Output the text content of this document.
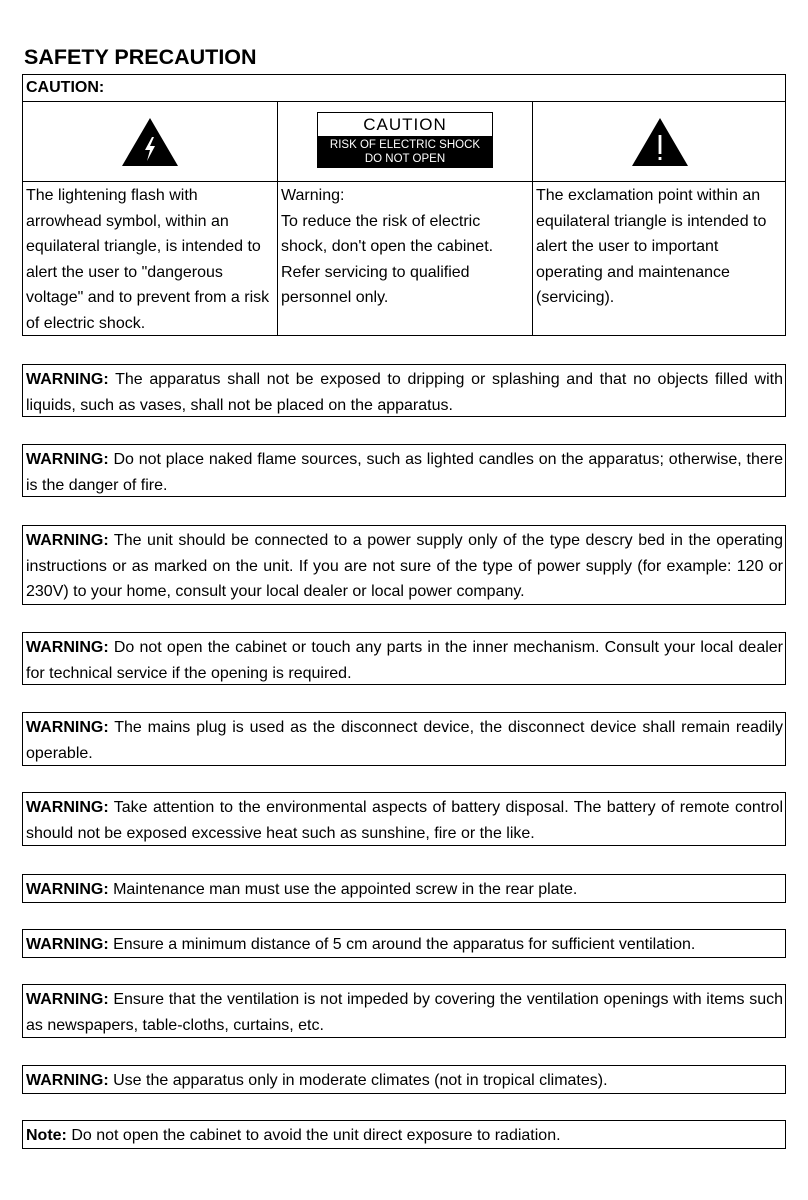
SAFETY PRECAUTION
CAUTION:
CAUTION
RISK OF ELECTRIC SHOCK
DO NOT OPEN
The lightening flash with arrowhead symbol, within an equilateral triangle, is intended to alert the user to "dangerous voltage" and to prevent from a risk of electric shock.
Warning:
To reduce the risk of electric shock, don't open the cabinet. Refer servicing to qualified personnel only.
The exclamation point within an equilateral triangle is intended to alert the user to important operating and maintenance (servicing).
WARNING: The apparatus shall not be exposed to dripping or splashing and that no objects filled with liquids, such as vases, shall not be placed on the apparatus.
WARNING: Do not place naked flame sources, such as lighted candles on the apparatus; otherwise, there is the danger of fire.
WARNING: The unit should be connected to a power supply only of the type descry bed in the operating instructions or as marked on the unit. If you are not sure of the type of power supply (for example: 120 or 230V) to your home, consult your local dealer or local power company.
WARNING: Do not open the cabinet or touch any parts in the inner mechanism. Consult your local dealer for technical service if the opening is required.
WARNING: The mains plug is used as the disconnect device, the disconnect device shall remain readily operable.
WARNING: Take attention to the environmental aspects of battery disposal. The battery of remote control should not be exposed excessive heat such as sunshine, fire or the like.
WARNING: Maintenance man must use the appointed screw in the rear plate.
WARNING: Ensure a minimum distance of 5 cm around the apparatus for sufficient ventilation.
WARNING: Ensure that the ventilation is not impeded by covering the ventilation openings with items such as newspapers, table-cloths, curtains, etc.
WARNING: Use the apparatus only in moderate climates (not in tropical climates).
Note: Do not open the cabinet to avoid the unit direct exposure to radiation.
